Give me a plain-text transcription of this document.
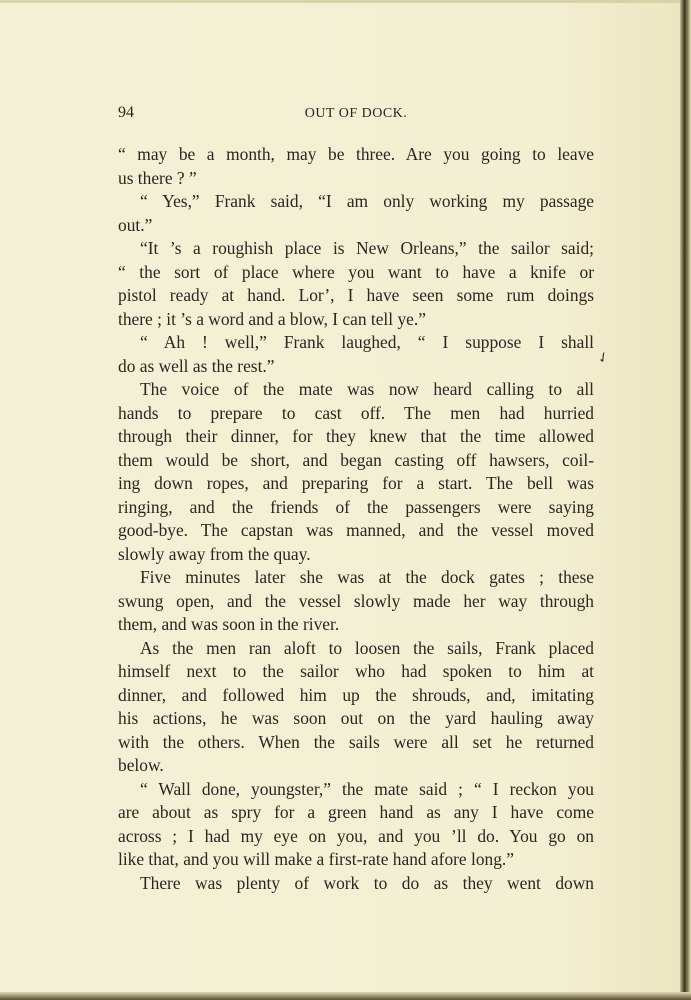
94	OUT OF DOCK.
“ may be a month, may be three. Are you going to leave
us there ? ”
“ Yes,” Frank said, “I am only working my passage
out.”
“It ’s a roughish place is New Orleans,” the sailor said;
“ the sort of place where you want to have a knife or
pistol ready at hand. Lor’, I have seen some rum doings
there ; it ’s a word and a blow, I can tell ye.”
“ Ah ! well,” Frank laughed, “ I suppose I shall
do as well as the rest.”
The voice of the mate was now heard calling to all
hands to prepare to cast off. The men had hurried
through their dinner, for they knew that the time allowed
them would be short, and began casting off hawsers, coil-
ing down ropes, and preparing for a start. The bell was
ringing, and the friends of the passengers were saying
good-bye. The capstan was manned, and the vessel moved
slowly away from the quay.
Five minutes later she was at the dock gates ; these
swung open, and the vessel slowly made her way through
them, and was soon in the river.
As the men ran aloft to loosen the sails, Frank placed
himself next to the sailor who had spoken to him at
dinner, and followed him up the shrouds, and, imitating
his actions, he was soon out on the yard hauling away
with the others. When the sails were all set he returned
below.
“ Wall done, youngster,” the mate said ; “ I reckon you
are about as spry for a green hand as any I have come
across ; I had my eye on you, and you ’ll do. You go on
like that, and you will make a first-rate hand afore long.”
There was plenty of work to do as they went down
✓
